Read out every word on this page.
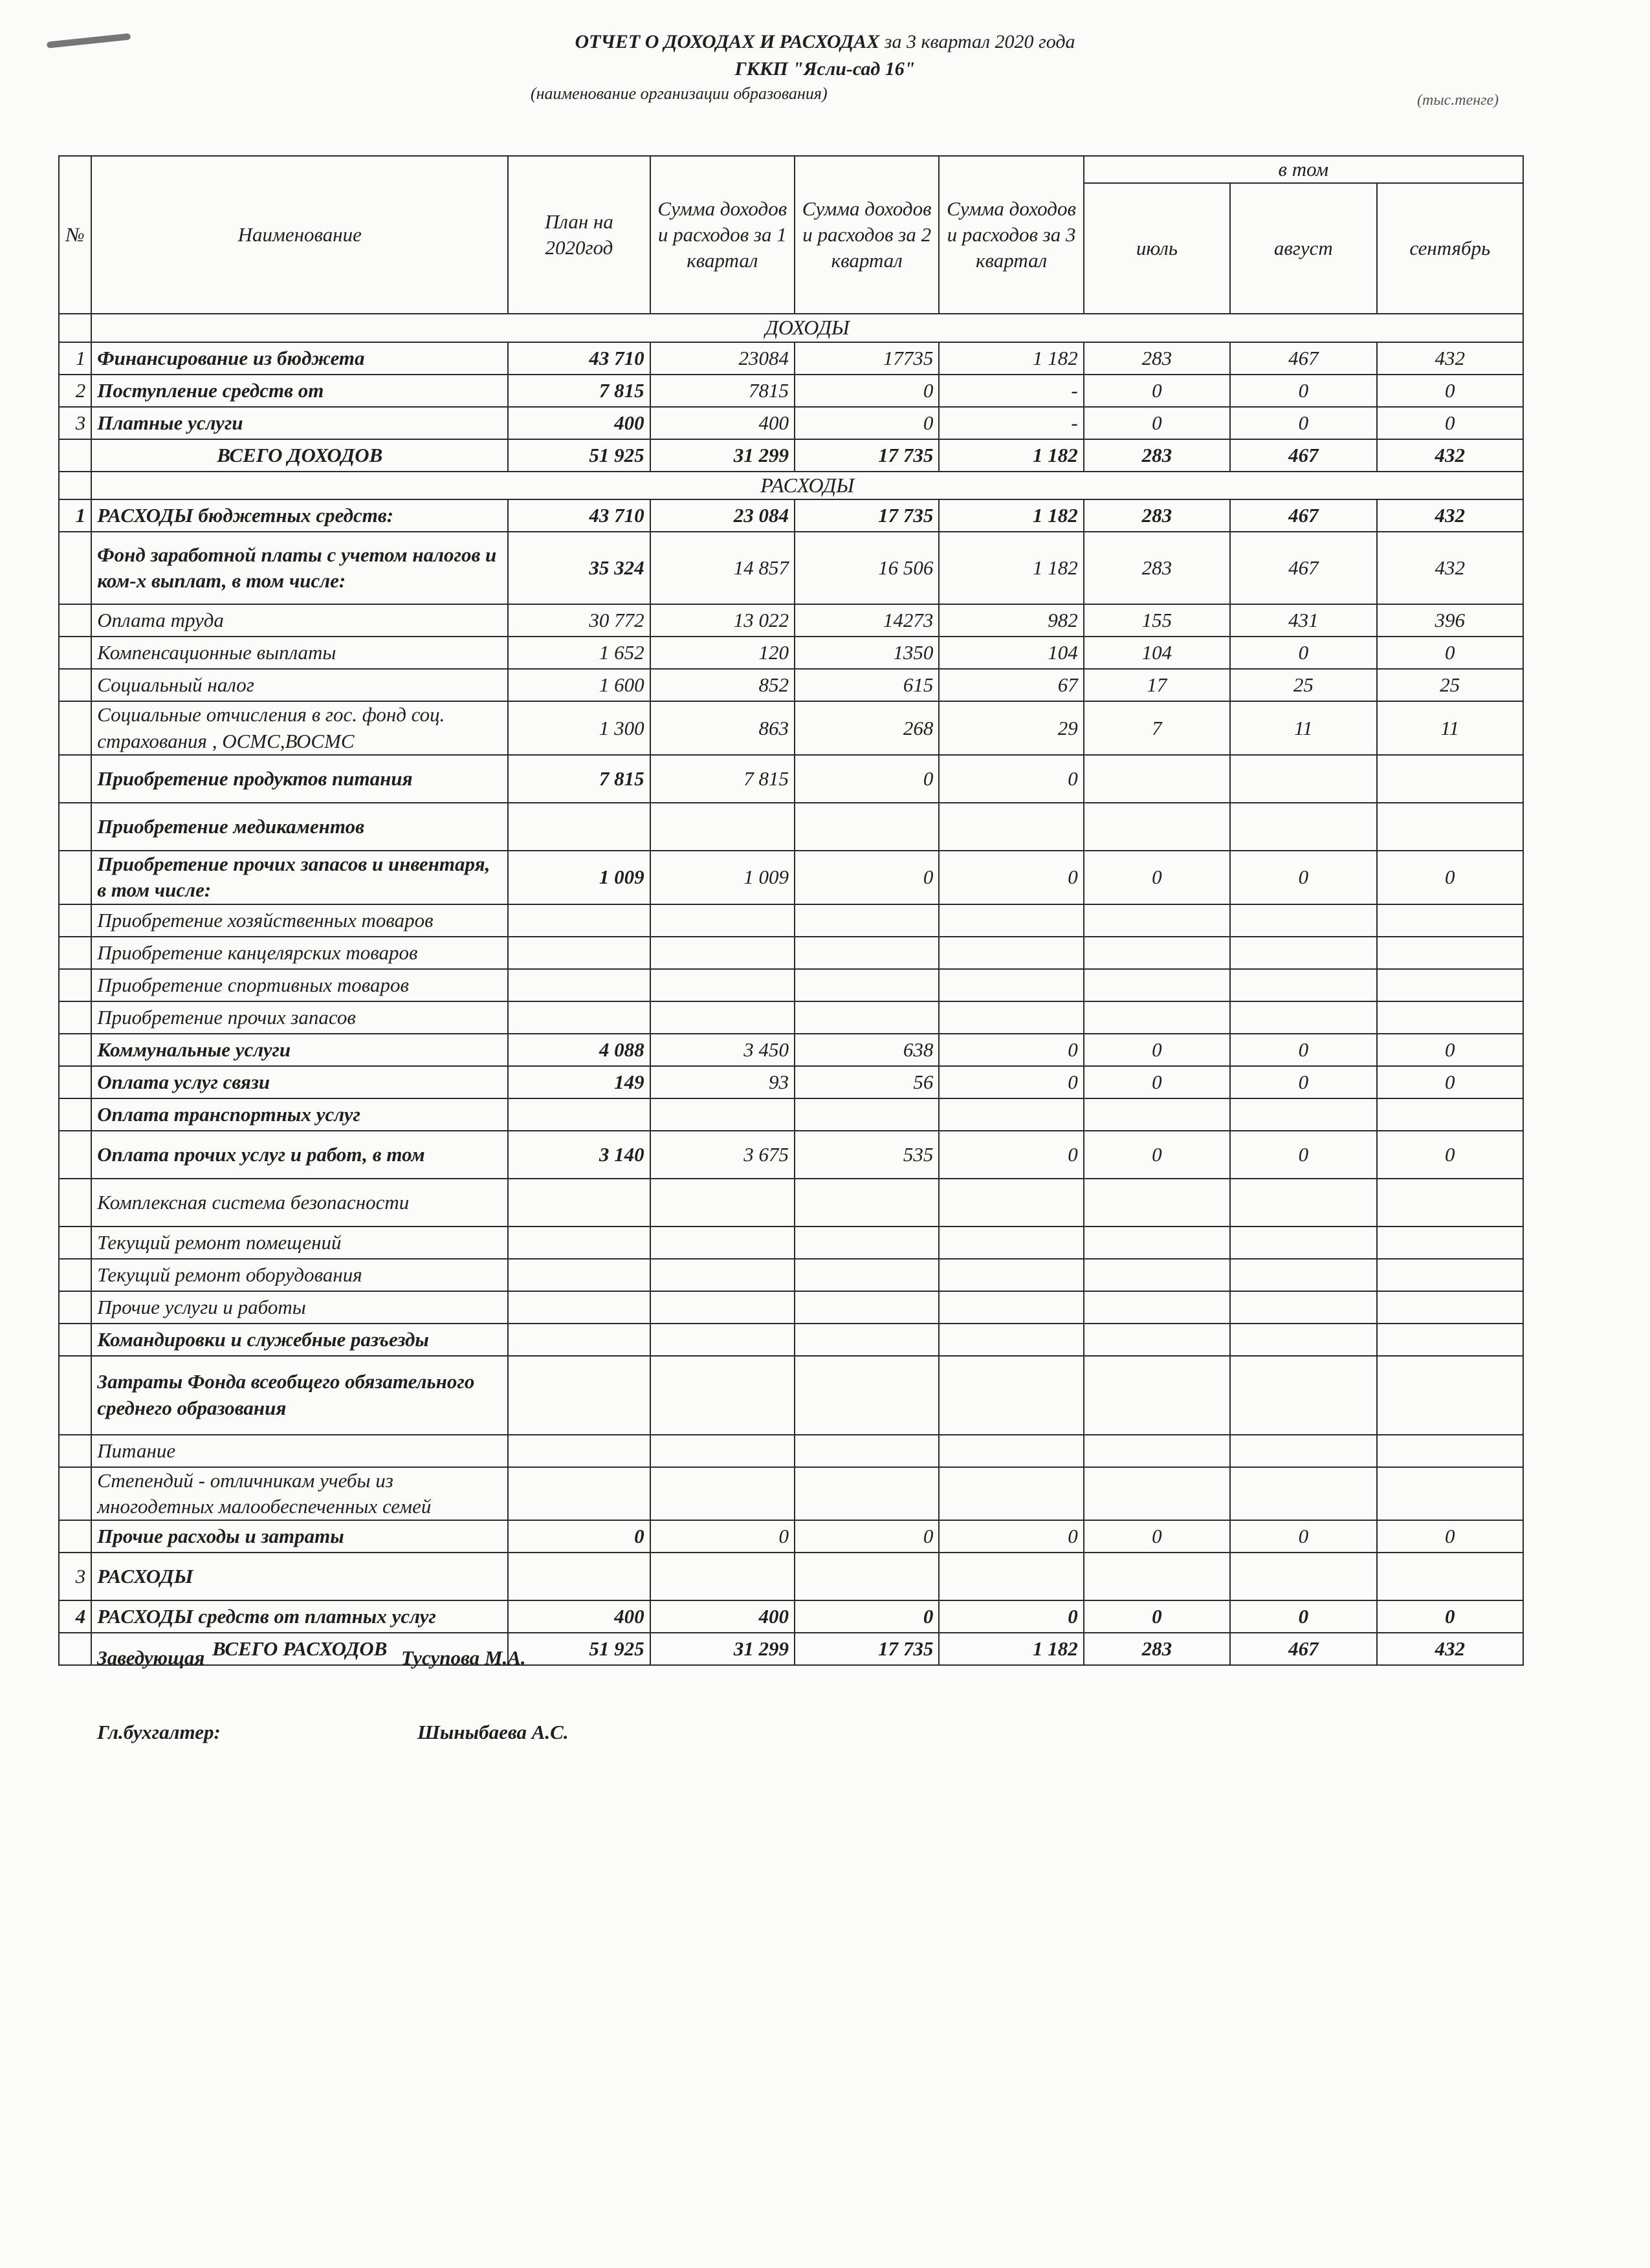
ОТЧЕТ О ДОХОДАХ И РАСХОДАХ за 3 квартал 2020 года
ГККП "Ясли-сад 16"
(наименование организации образования)	(тыс.тенге)
№	Наименование	План на 2020год	Сумма доходов и расходов за 1 квартал	Сумма доходов и расходов за 2 квартал	Сумма доходов и расходов за 3 квартал	в том		
						июль	август	сентябрь
	ДОХОДЫ							
1	Финансирование из бюджета	43 710	23084	17735	1 182	283	467	432
2	Поступление средств от	7 815	7815	0	-	0	0	0
3	Платные услуги	400	400	0	-	0	0	0
	ВСЕГО ДОХОДОВ	51 925	31 299	17 735	1 182	283	467	432
	РАСХОДЫ							
1	РАСХОДЫ бюджетных средств:	43 710	23 084	17 735	1 182	283	467	432
	Фонд заработной платы с учетом налогов и ком-х выплат, в том числе:	35 324	14 857	16 506	1 182	283	467	432
	Оплата труда	30 772	13 022	14273	982	155	431	396
	Компенсационные выплаты	1 652	120	1350	104	104	0	0
	Социальный налог	1 600	852	615	67	17	25	25
	Социальные отчисления в гос. фонд соц. страхования , ОСМС,ВОСМС	1 300	863	268	29	7	11	11
	Приобретение продуктов питания	7 815	7 815	0	0			
	Приобретение медикаментов							
	Приобретение прочих запасов и инвентаря, в том числе:	1 009	1 009	0	0	0	0	0
	Приобретение хозяйственных товаров							
	Приобретение канцелярских товаров							
	Приобретение спортивных товаров							
	Приобретение прочих запасов							
	Коммунальные услуги	4 088	3 450	638	0	0	0	0
	Оплата услуг связи	149	93	56	0	0	0	0
	Оплата транспортных услуг							
	Оплата прочих услуг и работ, в том	3 140	3 675	535	0	0	0	0
	Комплексная система безопасности							
	Текущий ремонт помещений							
	Текущий ремонт оборудования							
	Прочие услуги и работы							
	Командировки и служебные разъезды							
	Затраты Фонда всеобщего обязательного среднего образования							
	Питание							
	Степендий - отличникам учебы из многодетных малообеспеченных семей							
	Прочие расходы и затраты	0	0	0	0	0	0	0
3	РАСХОДЫ							
4	РАСХОДЫ средств от платных услуг	400	400	0	0	0	0	0
	ВСЕГО РАСХОДОВ	51 925	31 299	17 735	1 182	283	467	432
Заведующая	Тусупова М.А.
Гл.бухгалтер:	Шыныбаева А.С.
